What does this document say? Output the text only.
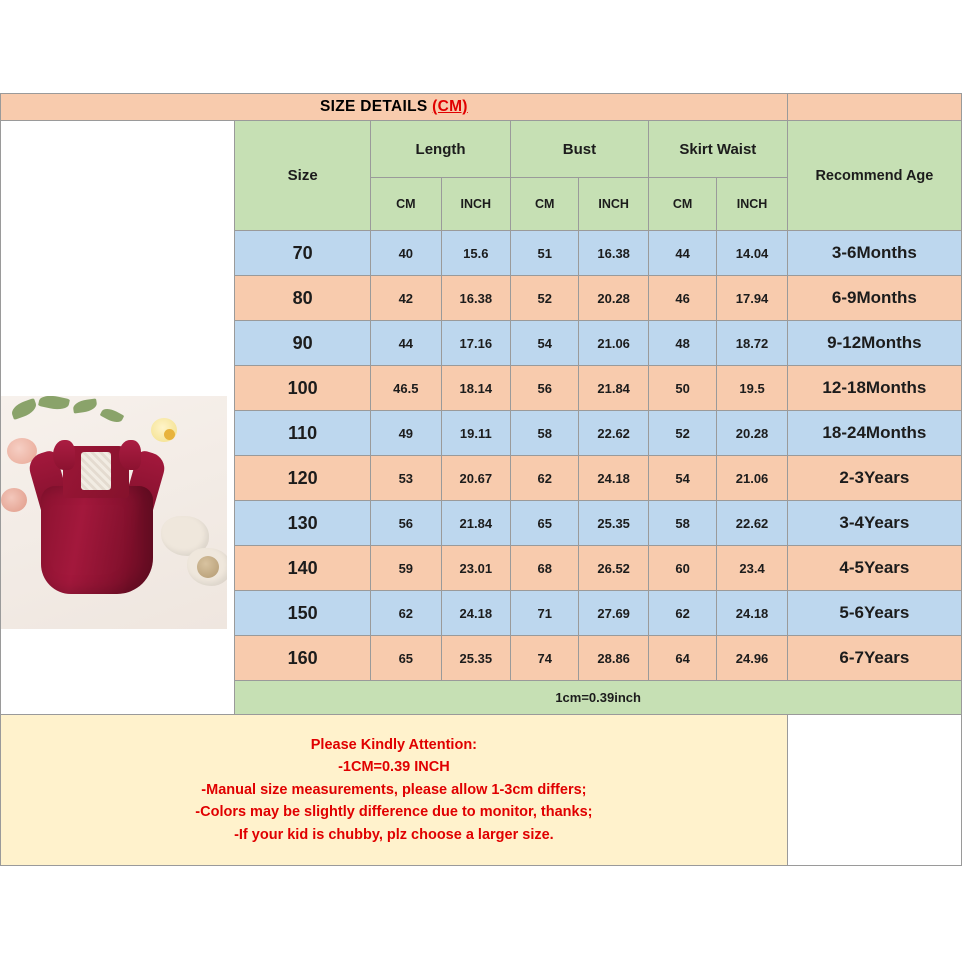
SIZE DETAILS (CM)								

	Size	Length		Bust		Skirt Waist		Recommend Age
		CM	INCH	CM	INCH	CM	INCH	
	70	40	15.6	51	16.38	44	14.04	3-6Months
	80	42	16.38	52	20.28	46	17.94	6-9Months
	90	44	17.16	54	21.06	48	18.72	9-12Months
	100	46.5	18.14	56	21.84	50	19.5	12-18Months
	110	49	19.11	58	22.62	52	20.28	18-24Months
	120	53	20.67	62	24.18	54	21.06	2-3Years
	130	56	21.84	65	25.35	58	22.62	3-4Years
	140	59	23.01	68	26.52	60	23.4	4-5Years
	150	62	24.18	71	27.69	62	24.18	5-6Years
	160	65	25.35	74	28.86	64	24.96	6-7Years
	1cm=0.39inch							

Please Kindly Attention:
-1CM=0.39 INCH
-Manual size measurements, please allow 1-3cm differs;
-Colors may be slightly difference due to monitor, thanks;
-If your kid is chubby, plz choose a larger size.								
